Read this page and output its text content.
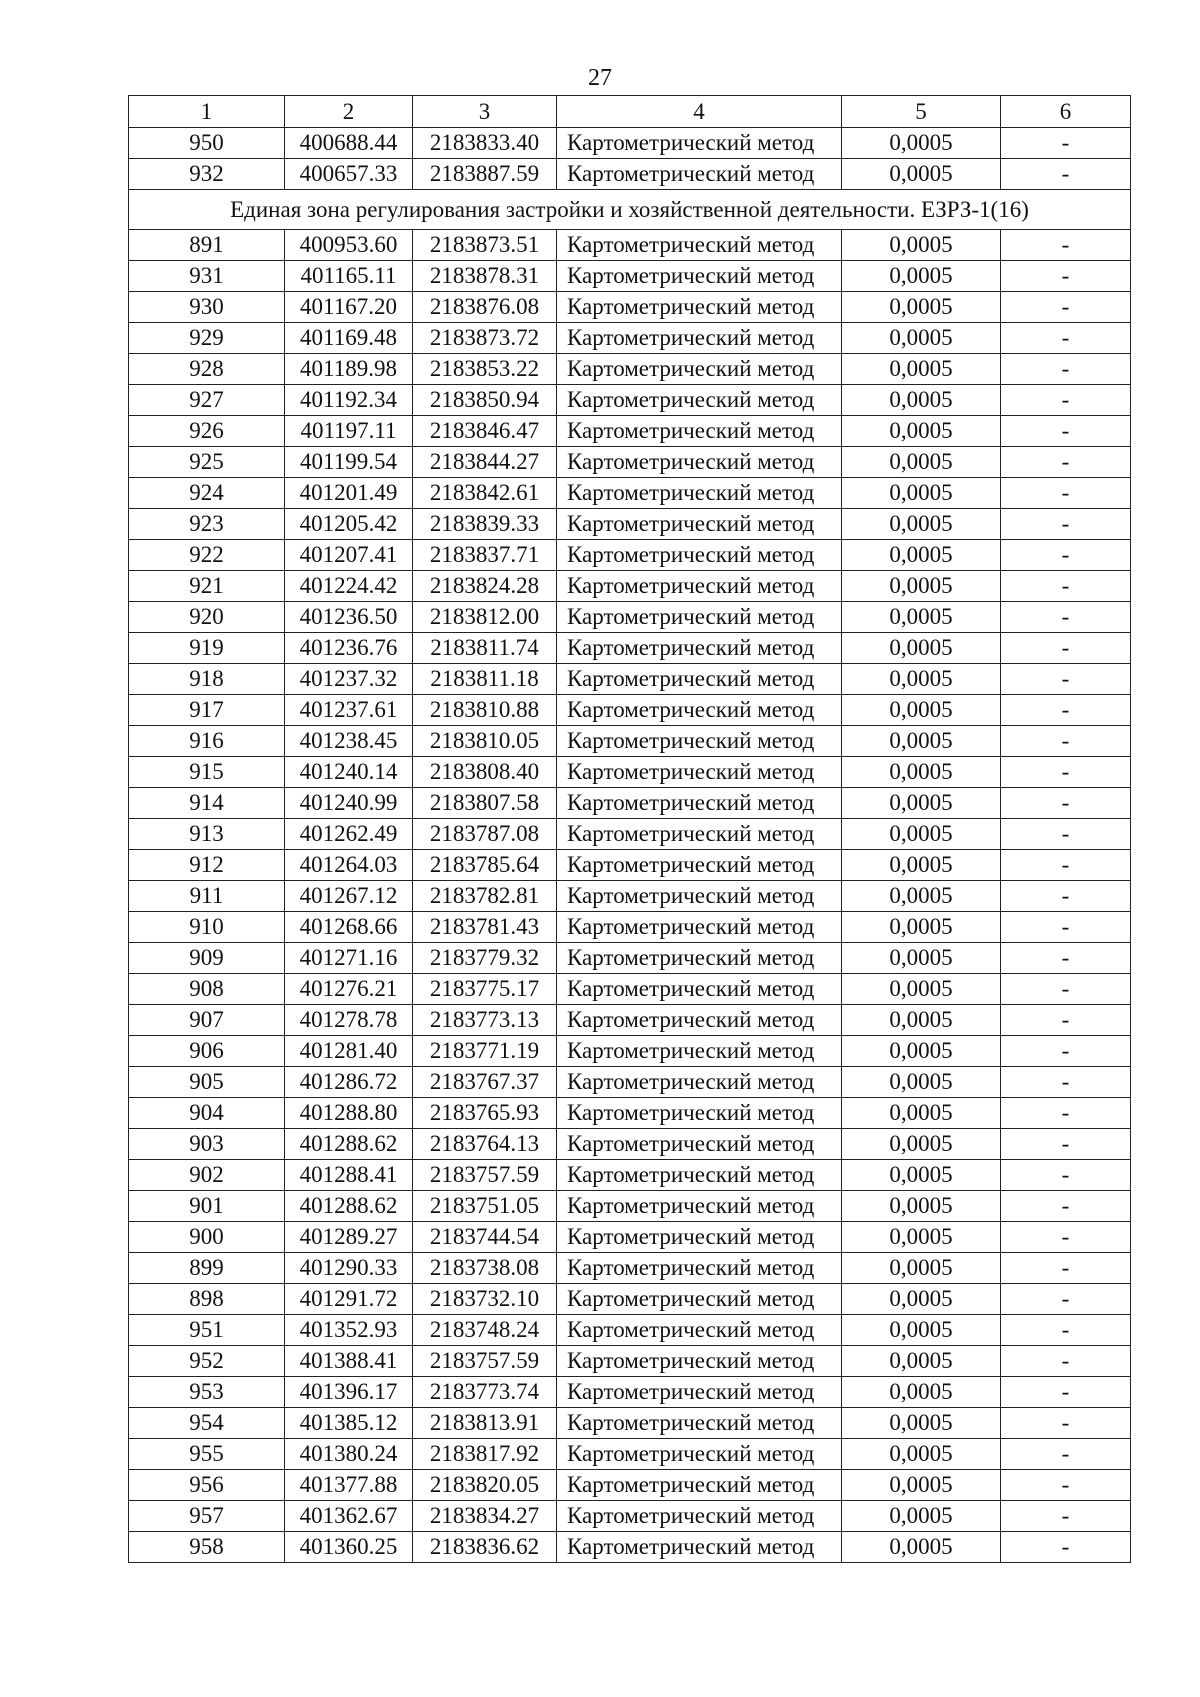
27
1	2	3	4	5	6
950	400688.44	2183833.40	Картометрический метод	0,0005	-
932	400657.33	2183887.59	Картометрический метод	0,0005	-
Единая зона регулирования застройки и хозяйственной деятельности. ЕЗРЗ-1(16)					
891	400953.60	2183873.51	Картометрический метод	0,0005	-
931	401165.11	2183878.31	Картометрический метод	0,0005	-
930	401167.20	2183876.08	Картометрический метод	0,0005	-
929	401169.48	2183873.72	Картометрический метод	0,0005	-
928	401189.98	2183853.22	Картометрический метод	0,0005	-
927	401192.34	2183850.94	Картометрический метод	0,0005	-
926	401197.11	2183846.47	Картометрический метод	0,0005	-
925	401199.54	2183844.27	Картометрический метод	0,0005	-
924	401201.49	2183842.61	Картометрический метод	0,0005	-
923	401205.42	2183839.33	Картометрический метод	0,0005	-
922	401207.41	2183837.71	Картометрический метод	0,0005	-
921	401224.42	2183824.28	Картометрический метод	0,0005	-
920	401236.50	2183812.00	Картометрический метод	0,0005	-
919	401236.76	2183811.74	Картометрический метод	0,0005	-
918	401237.32	2183811.18	Картометрический метод	0,0005	-
917	401237.61	2183810.88	Картометрический метод	0,0005	-
916	401238.45	2183810.05	Картометрический метод	0,0005	-
915	401240.14	2183808.40	Картометрический метод	0,0005	-
914	401240.99	2183807.58	Картометрический метод	0,0005	-
913	401262.49	2183787.08	Картометрический метод	0,0005	-
912	401264.03	2183785.64	Картометрический метод	0,0005	-
911	401267.12	2183782.81	Картометрический метод	0,0005	-
910	401268.66	2183781.43	Картометрический метод	0,0005	-
909	401271.16	2183779.32	Картометрический метод	0,0005	-
908	401276.21	2183775.17	Картометрический метод	0,0005	-
907	401278.78	2183773.13	Картометрический метод	0,0005	-
906	401281.40	2183771.19	Картометрический метод	0,0005	-
905	401286.72	2183767.37	Картометрический метод	0,0005	-
904	401288.80	2183765.93	Картометрический метод	0,0005	-
903	401288.62	2183764.13	Картометрический метод	0,0005	-
902	401288.41	2183757.59	Картометрический метод	0,0005	-
901	401288.62	2183751.05	Картометрический метод	0,0005	-
900	401289.27	2183744.54	Картометрический метод	0,0005	-
899	401290.33	2183738.08	Картометрический метод	0,0005	-
898	401291.72	2183732.10	Картометрический метод	0,0005	-
951	401352.93	2183748.24	Картометрический метод	0,0005	-
952	401388.41	2183757.59	Картометрический метод	0,0005	-
953	401396.17	2183773.74	Картометрический метод	0,0005	-
954	401385.12	2183813.91	Картометрический метод	0,0005	-
955	401380.24	2183817.92	Картометрический метод	0,0005	-
956	401377.88	2183820.05	Картометрический метод	0,0005	-
957	401362.67	2183834.27	Картометрический метод	0,0005	-
958	401360.25	2183836.62	Картометрический метод	0,0005	-
